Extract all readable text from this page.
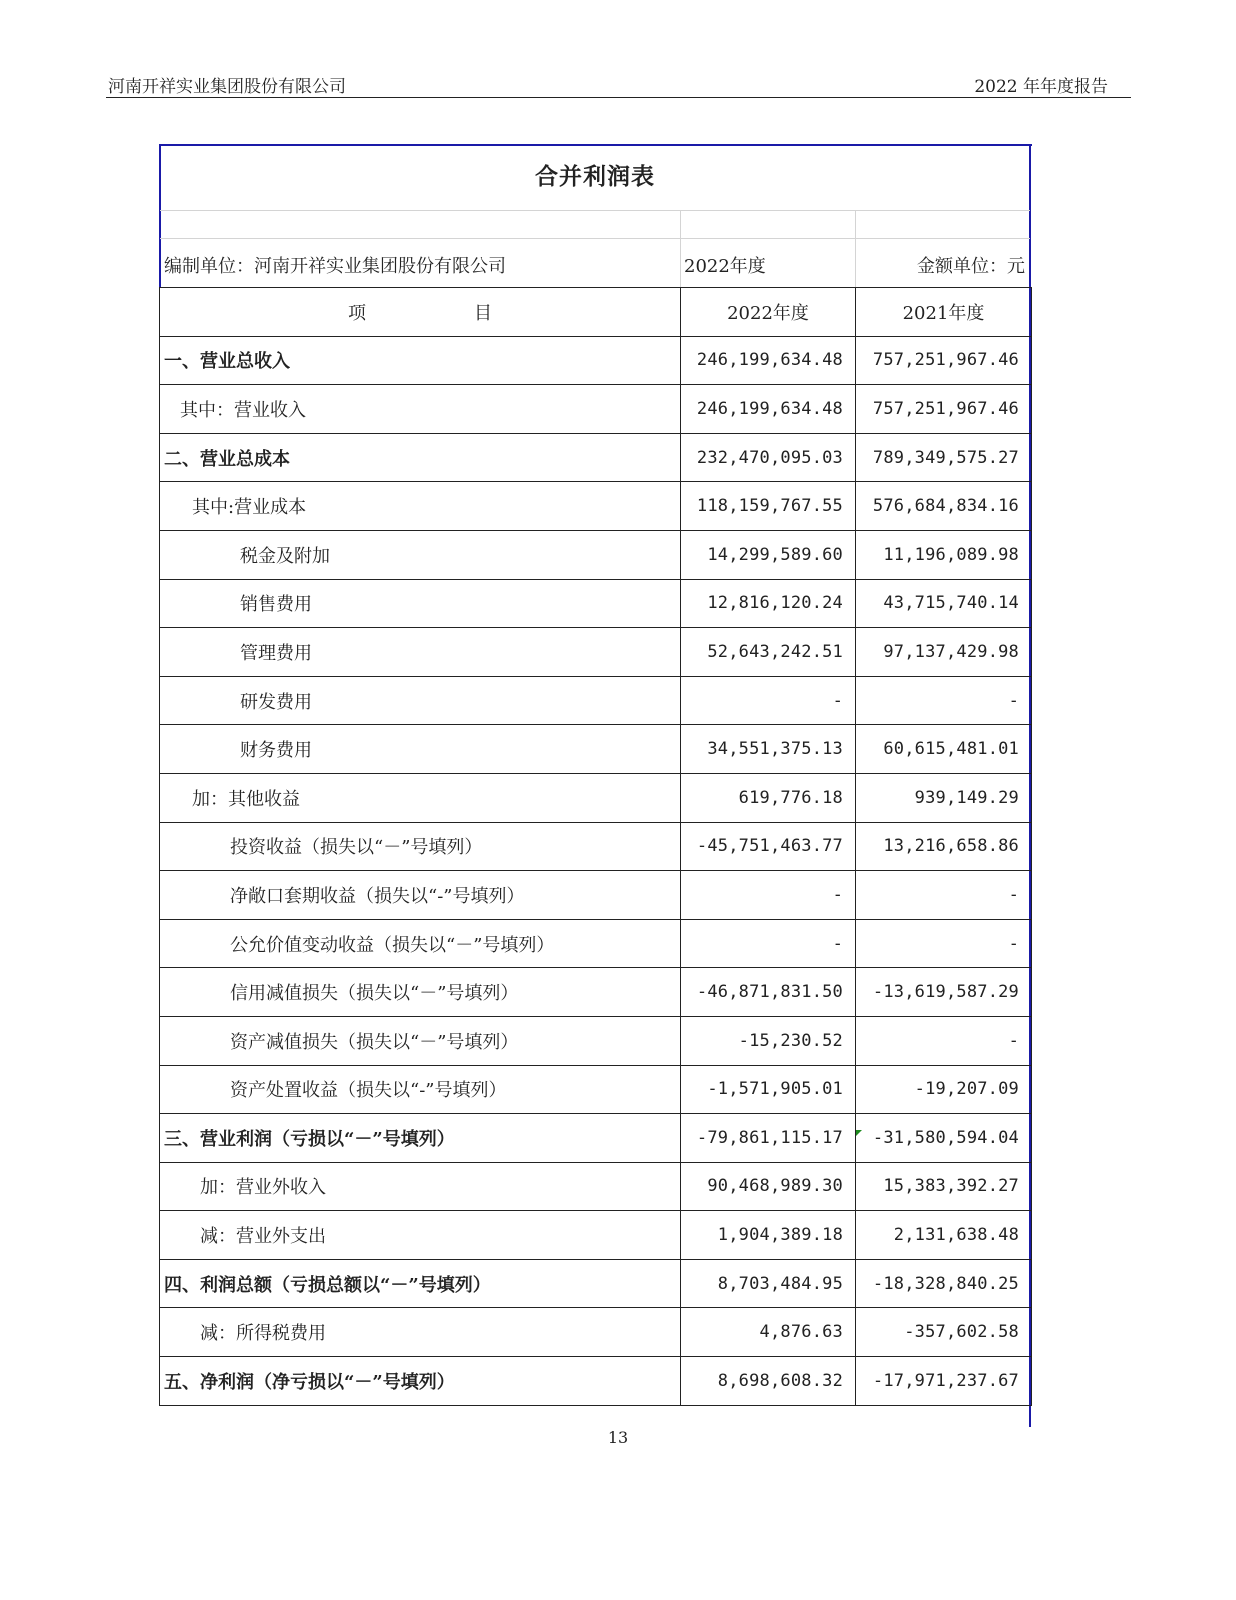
河南开祥实业集团股份有限公司	2022 年年度报告
合并利润表
编制单位：河南开祥实业集团股份有限公司	2022年度	金额单位：元
项　　　　　　目	2022年度	2021年度
一、营业总收入	246,199,634.48	757,251,967.46
其中：营业收入	246,199,634.48	757,251,967.46
二、营业总成本	232,470,095.03	789,349,575.27
其中:营业成本	118,159,767.55	576,684,834.16
税金及附加	14,299,589.60	11,196,089.98
销售费用	12,816,120.24	43,715,740.14
管理费用	52,643,242.51	97,137,429.98
研发费用	-	-
财务费用	34,551,375.13	60,615,481.01
加：其他收益	619,776.18	939,149.29
投资收益（损失以“－”号填列）	-45,751,463.77	13,216,658.86
净敞口套期收益（损失以“-”号填列）	-	-
公允价值变动收益（损失以“－”号填列）	-	-
信用减值损失（损失以“－”号填列）	-46,871,831.50	-13,619,587.29
资产减值损失（损失以“－”号填列）	-15,230.52	-
资产处置收益（损失以“-”号填列）	-1,571,905.01	-19,207.09
三、营业利润（亏损以“－”号填列）	-79,861,115.17	-31,580,594.04
加：营业外收入	90,468,989.30	15,383,392.27
减：营业外支出	1,904,389.18	2,131,638.48
四、利润总额（亏损总额以“－”号填列）	8,703,484.95	-18,328,840.25
减：所得税费用	4,876.63	-357,602.58
五、净利润（净亏损以“－”号填列）	8,698,608.32	-17,971,237.67
13
